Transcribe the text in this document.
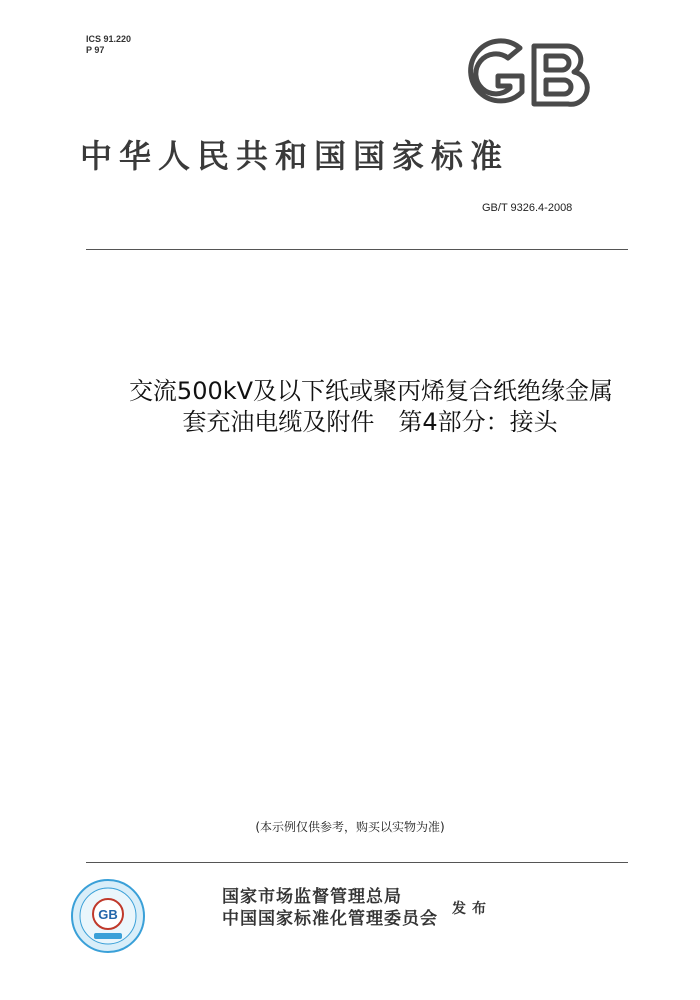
ICS 91.220
P 97
GB
中华人民共和国国家标准
GB/T 9326.4-2008
交流500kV及以下纸或聚丙烯复合纸绝缘金属
套充油电缆及附件　第4部分：接头
(本示例仅供参考，购买以实物为准)
GB
国家市场监督管理总局
中国国家标准化管理委员会 发布
